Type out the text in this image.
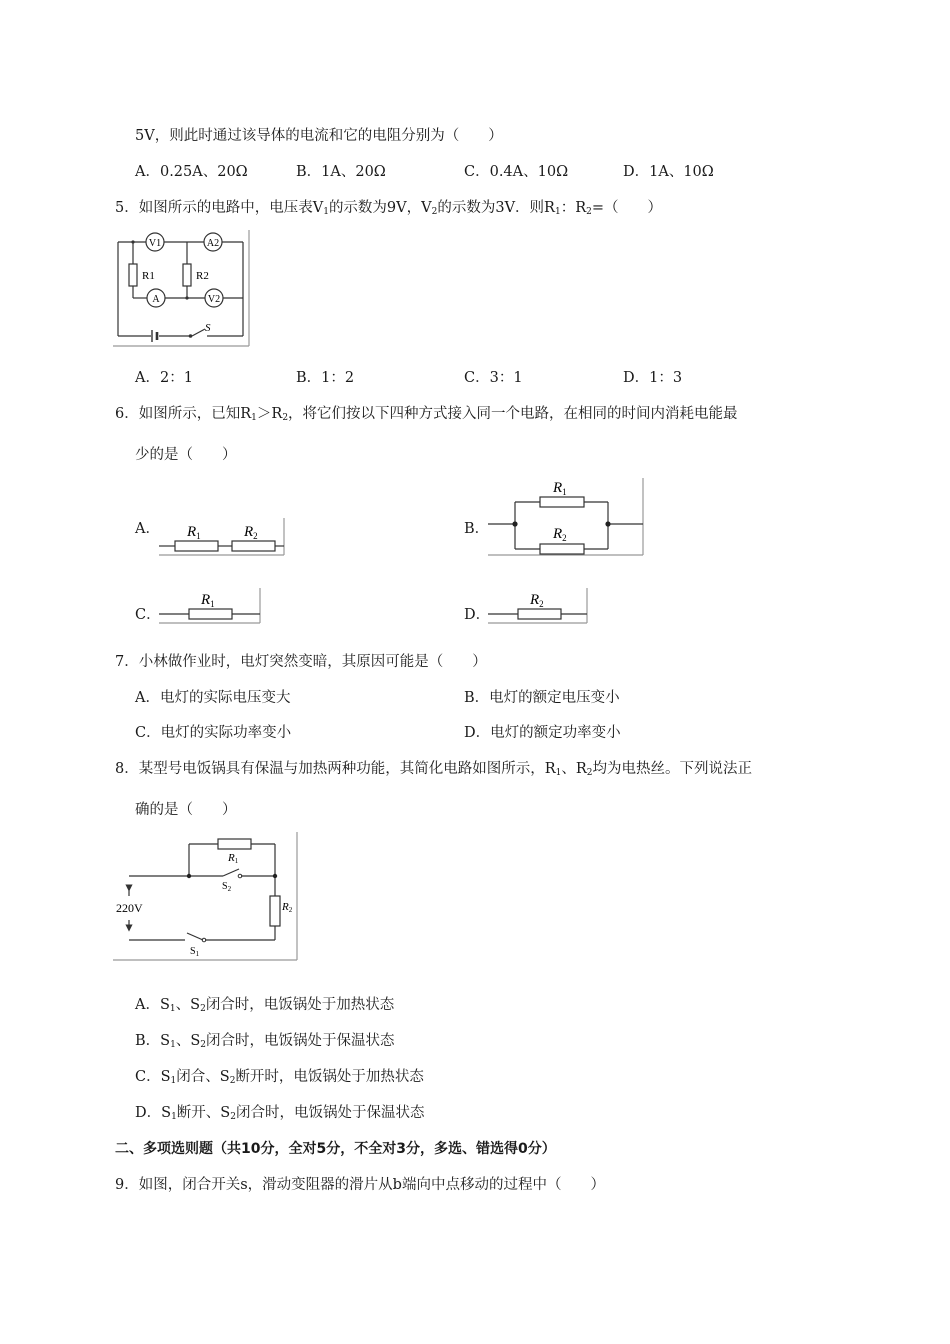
5V，则此时通过该导体的电流和它的电阻分别为（　　）
A．0.25A、20Ω	B．1A、20Ω	C．0.4A、10Ω	D．1A、10Ω
5．如图所示的电路中，电压表$V_1$的示数为9V，$V_2$的示数为3V．则$R_1$：$R_2=$（　　）
V1	A2
R1	R2
A	V2
S
A．2：1	B．1：2	C．3：1	D．1：3
6．如图所示，已知$R_1>R_2$，将它们按以下四种方式接入同一个电路，在相同的时间内消耗电能最
少的是（　　）
A．	B．
C．	D．
$R_1$	$R_2$
$R_1$
$R_2$
$R_1$	$R_2$
7．小林做作业时，电灯突然变暗，其原因可能是（　　）
A．电灯的实际电压变大	B．电灯的额定电压变小
C．电灯的实际功率变小	D．电灯的额定功率变小
8．某型号电饭锅具有保温与加热两种功能，其简化电路如图所示，$R_1$、$R_2$均为电热丝。下列说法正
确的是（　　）
220V
R1
$S_2$
R2
$S_1$
A．$S_1$、$S_2$闭合时，电饭锅处于加热状态
B．$S_1$、$S_2$闭合时，电饭锅处于保温状态
C．$S_1$闭合、$S_2$断开时，电饭锅处于加热状态
D．$S_1$断开、$S_2$闭合时，电饭锅处于保温状态
二、多项选则题（共10分，全对5分，不全对3分，多选、错选得0分）
9．如图，闭合开关s，滑动变阻器的滑片从b端向中点移动的过程中（　　）
